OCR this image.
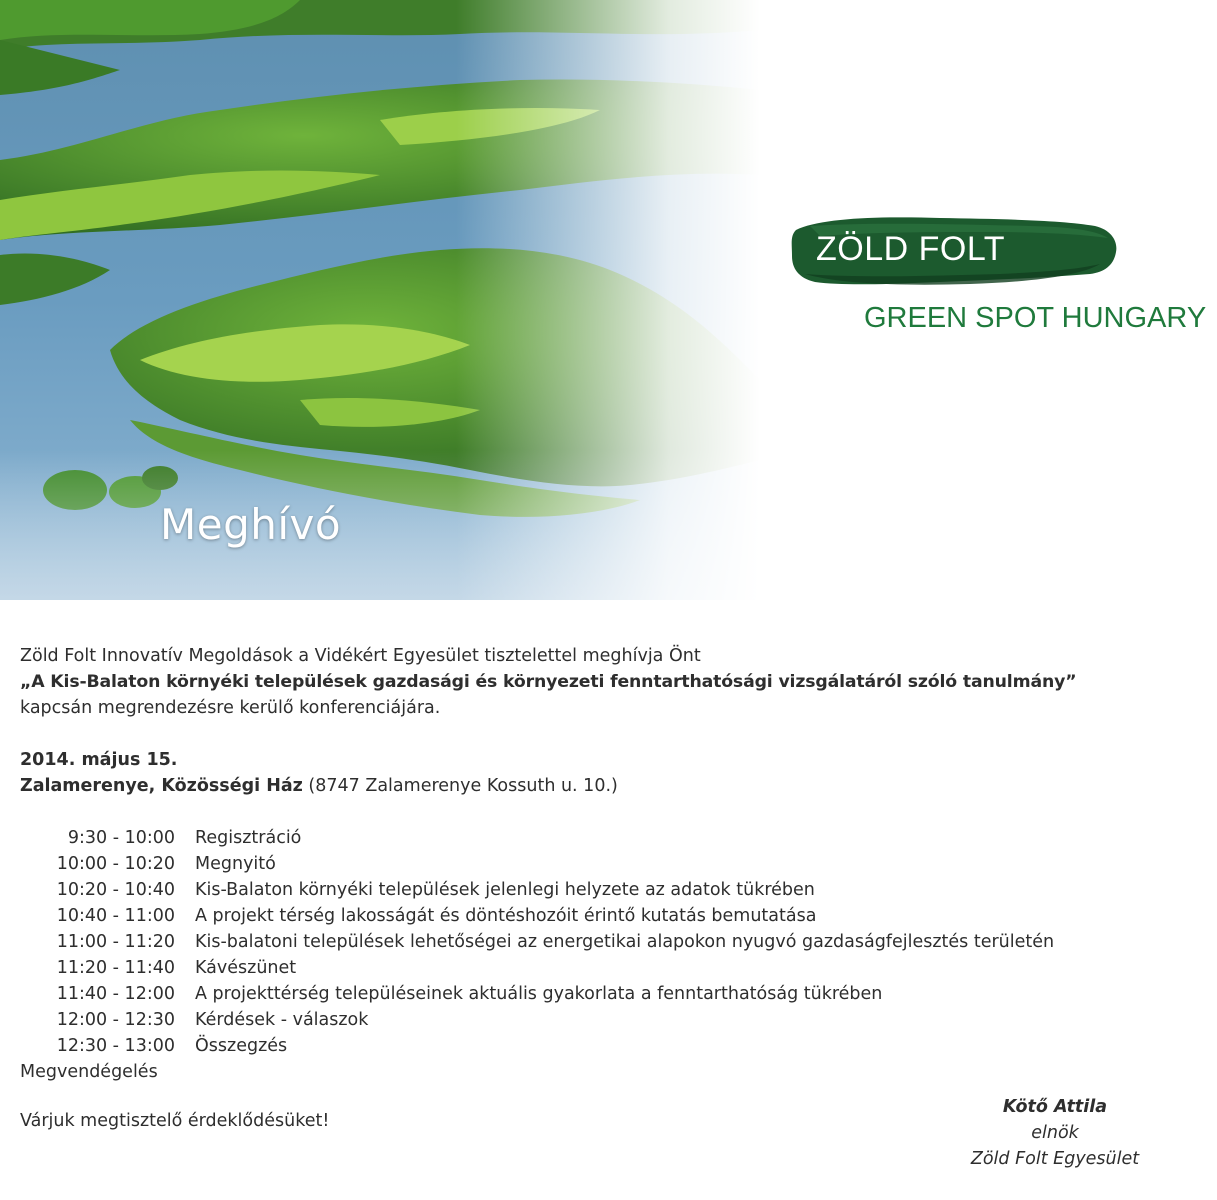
Meghívó
ZÖLD FOLT
GREEN SPOT HUNGARY

Zöld Folt Innovatív Megoldások a Vidékért Egyesület tisztelettel meghívja Önt

„A Kis-Balaton környéki települések gazdasági és környezeti fenntarthatósági vizsgálatáról szóló tanulmány”

kapcsán megrendezésre kerülő konferenciájára.

2014. május 15.

Zalamerenye, Közösségi Ház (8747 Zalamerenye Kossuth u. 10.)

9:30 - 10:00	Regisztráció
10:00 - 10:20	Megnyitó
10:20 - 10:40	Kis-Balaton környéki települések jelenlegi helyzete az adatok tükrében
10:40 - 11:00	A projekt térség lakosságát és döntéshozóit érintő kutatás bemutatása
11:00 - 11:20	Kis-balatoni települések lehetőségei az energetikai alapokon nyugvó gazdaságfejlesztés területén
11:20 - 11:40	Kávészünet
11:40 - 12:00	A projekttérség településeinek aktuális gyakorlata a fenntarthatóság tükrében
12:00 - 12:30	Kérdések - válaszok
12:30 - 13:00	Összegzés

Megvendégelés

Várjuk megtisztelő érdeklődésüket!
Kötő Attila
elnök
Zöld Folt Egyesület
